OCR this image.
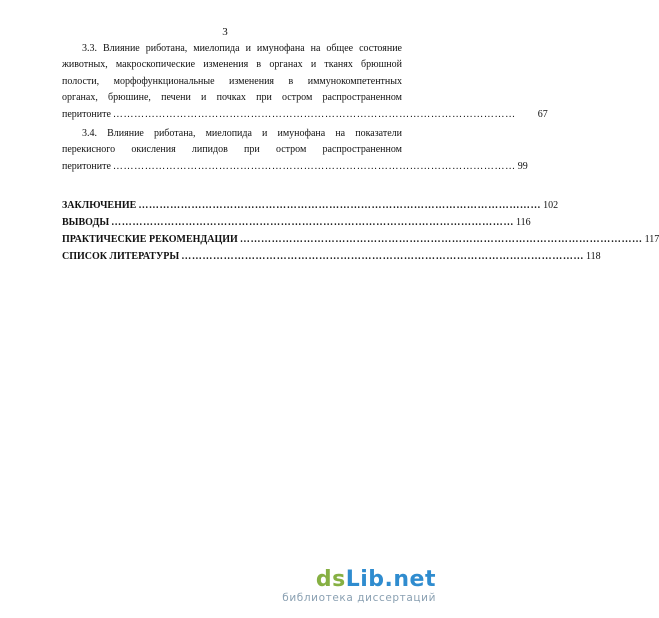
3
3.3. Влияние риботана, миелопида и имунофана на общее состояние
животных, макроскопические изменения в органах и тканях брюшной
полости, морфофункциональные изменения в иммунокомпетентных
органах, брюшине, печени и почках при остром распространенном
перитоните …………………………………………………………………………………………………… 67
3.4. Влияние риботана, миелопида и имунофана на показатели
перекисного окисления липидов при остром распространенном
перитоните …………………………………………………………………………………………………… 99
ЗАКЛЮЧЕНИЕ …………………………………………………………………………………………………… 102
ВЫВОДЫ …………………………………………………………………………………………………… 116
ПРАКТИЧЕСКИЕ РЕКОМЕНДАЦИИ …………………………………………………………………………………………………… 117
СПИСОК ЛИТЕРАТУРЫ …………………………………………………………………………………………………… 118
ds Lib .net
библиотека диссертаций
